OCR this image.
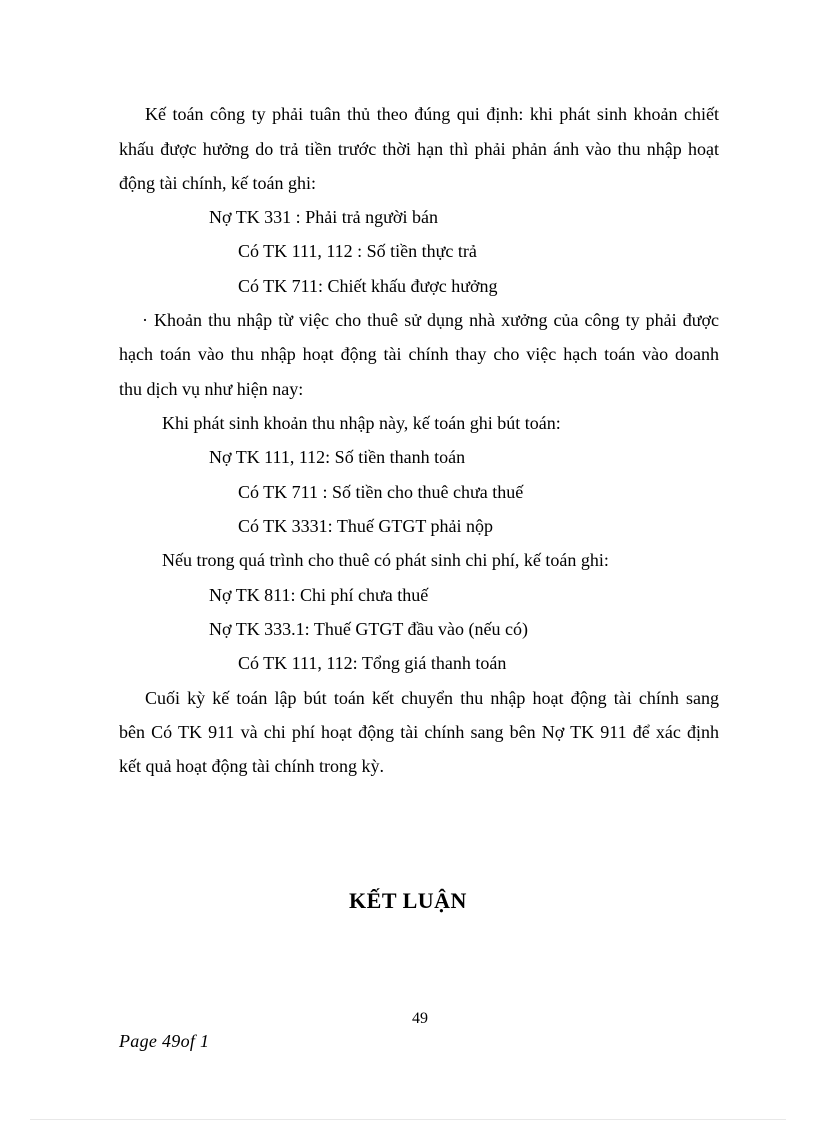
Kế toán công ty phải tuân thủ theo đúng qui định: khi phát sinh khoản chiết
khấu được hưởng do trả tiền trước thời hạn thì phải phản ánh vào thu nhập hoạt
động tài chính, kế toán ghi:
Nợ TK 331 : Phải trả người bán
Có TK 111, 112 : Số tiền thực trả
Có TK 711: Chiết khấu được hưởng
· Khoản thu nhập từ việc cho thuê sử dụng nhà xưởng của công ty phải được
hạch toán vào thu nhập hoạt động tài chính thay cho việc hạch toán vào doanh
thu dịch vụ như hiện nay:
Khi phát sinh khoản thu nhập này, kế toán ghi bút toán:
Nợ TK 111, 112: Số tiền thanh toán
Có TK 711 : Số tiền cho thuê chưa thuế
Có TK 3331: Thuế GTGT phải nộp
Nếu trong quá trình cho thuê có phát sinh chi phí, kế toán ghi:
Nợ TK 811: Chi phí chưa thuế
Nợ TK 333.1: Thuế GTGT đầu vào (nếu có)
Có TK 111, 112: Tổng giá thanh toán
Cuối kỳ kế toán lập bút toán kết chuyển thu nhập hoạt động tài chính sang
bên Có TK 911 và chi phí hoạt động tài chính sang bên Nợ TK 911 để xác định
kết quả hoạt động tài chính trong kỳ.
KẾT LUẬN
49
Page 49of 1
